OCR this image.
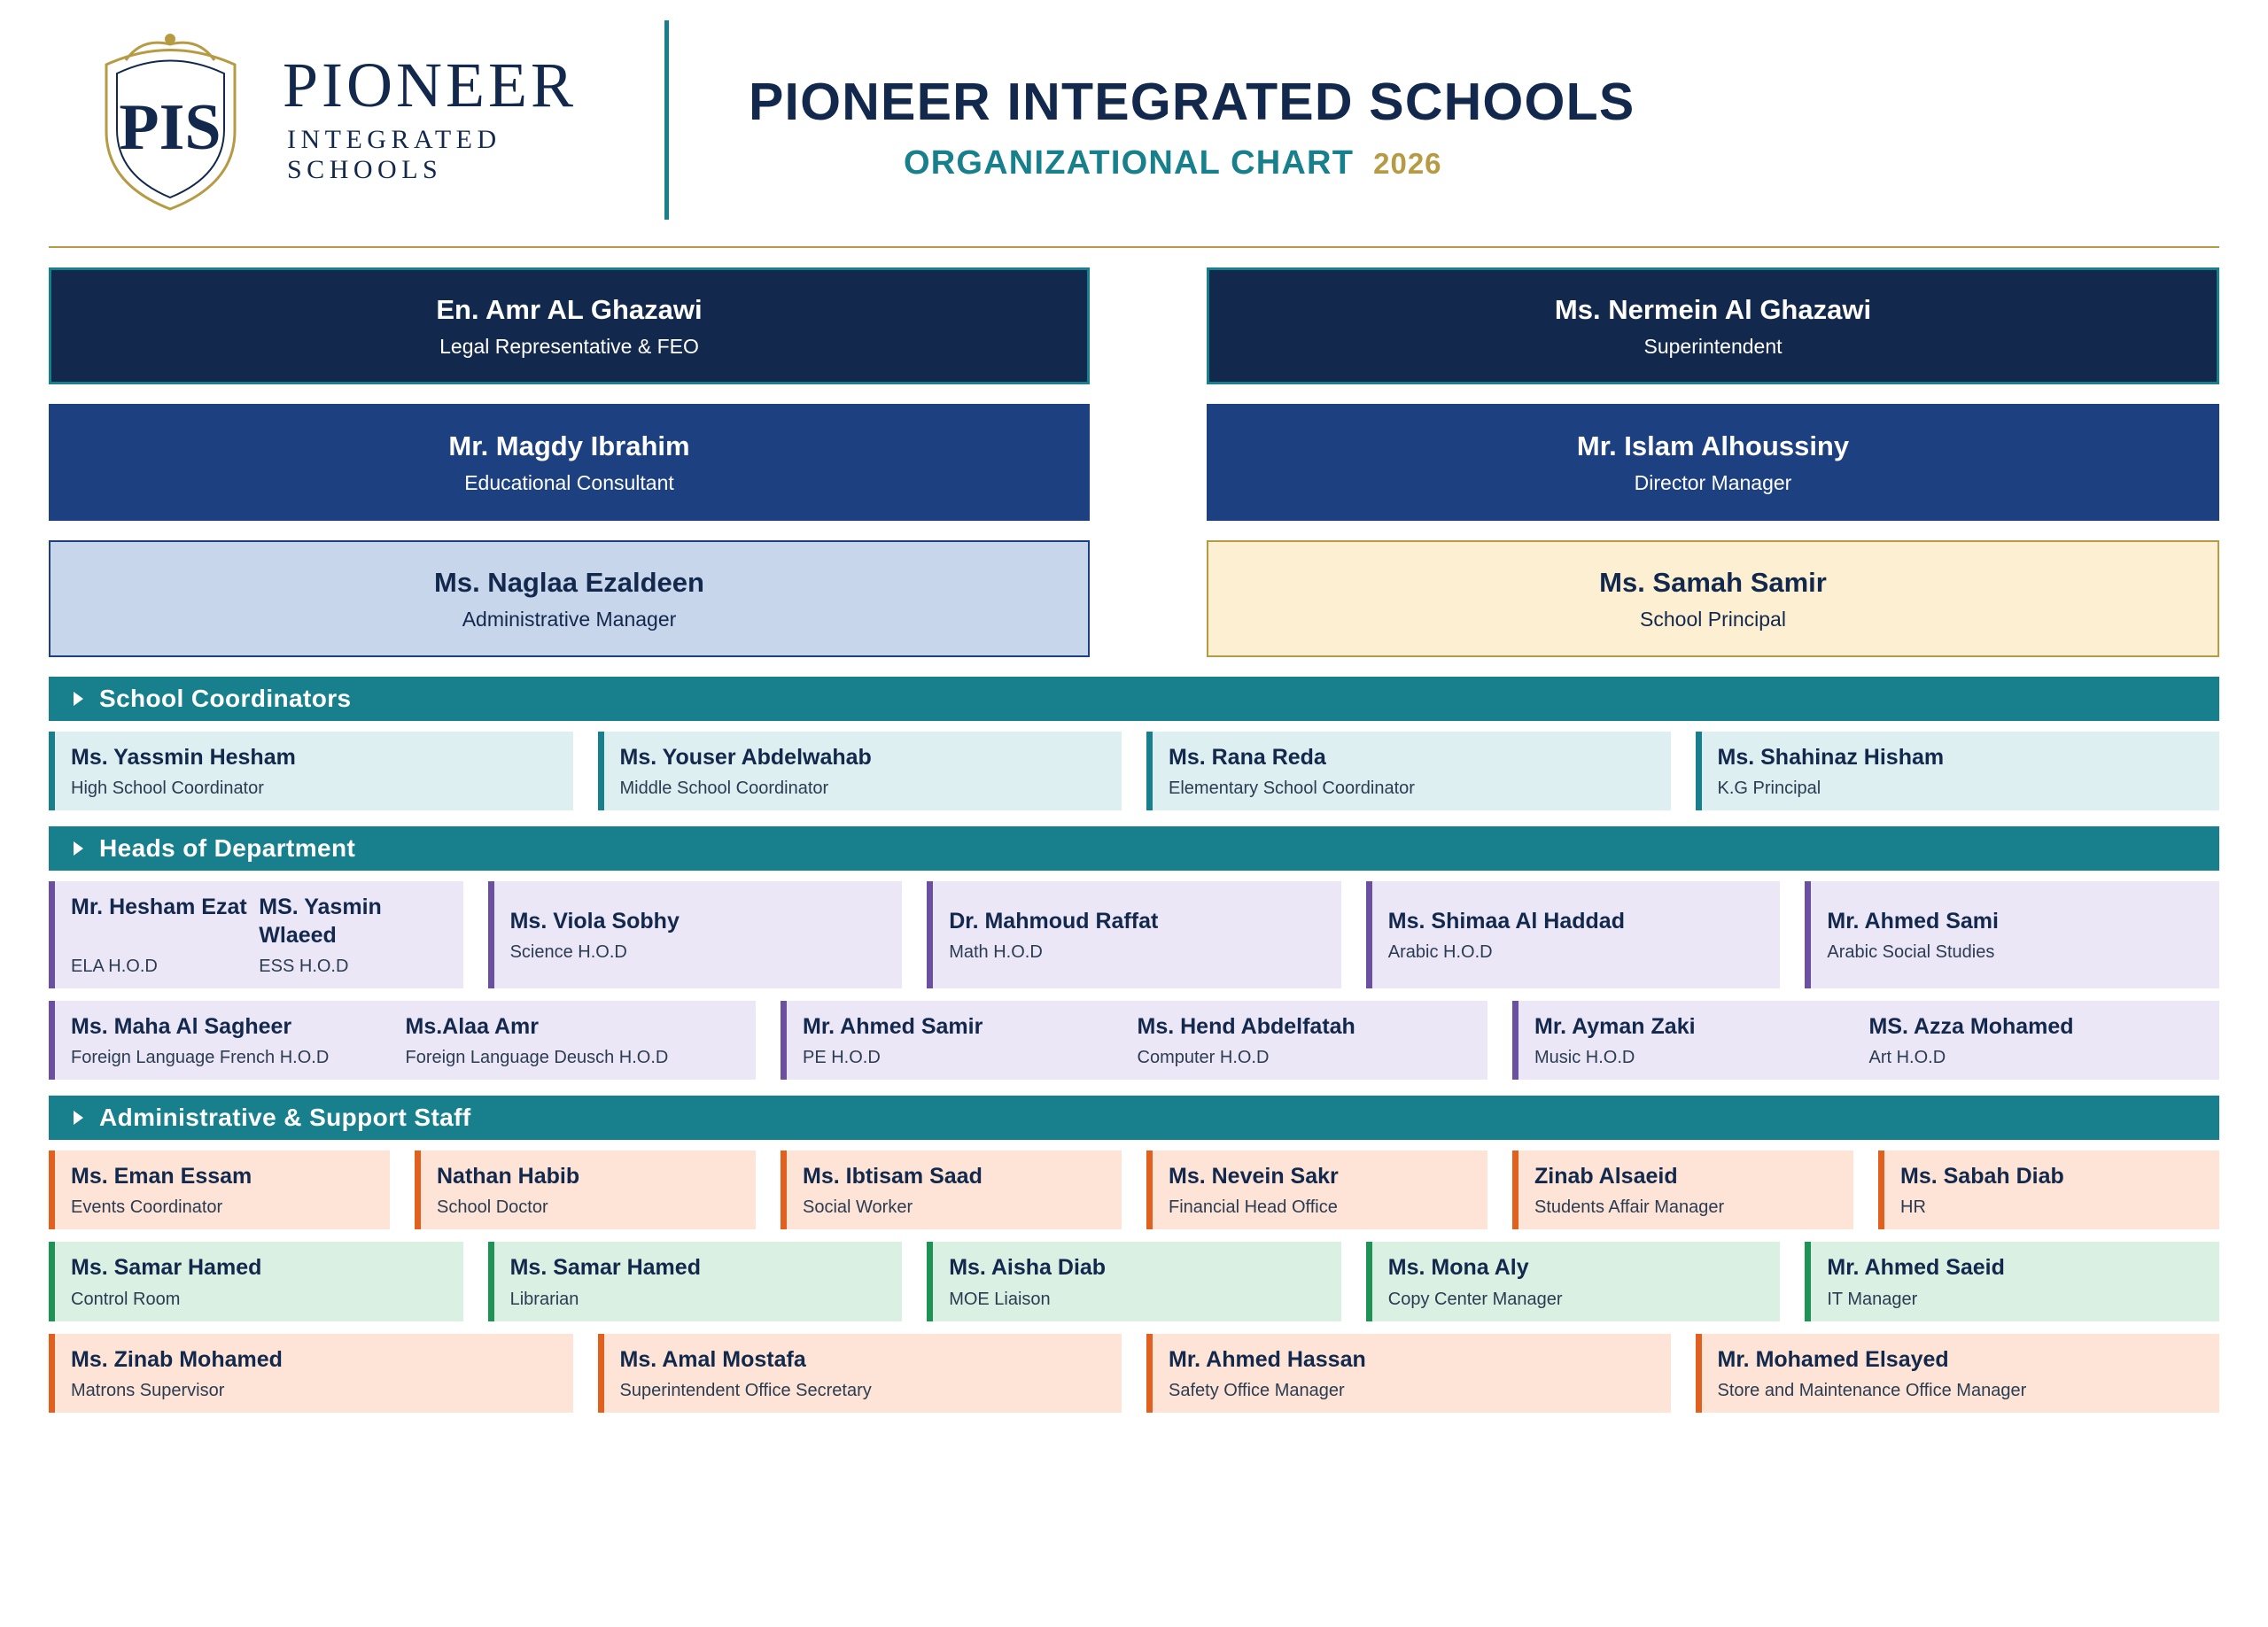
PIS
PIONEER
INTEGRATED SCHOOLS
PIONEER INTEGRATED SCHOOLS
ORGANIZATIONAL CHART 2026
En. Amr AL Ghazawi
Legal Representative & FEO
Ms. Nermein Al Ghazawi
Superintendent
Mr. Magdy Ibrahim
Educational Consultant
Mr. Islam Alhoussiny
Director Manager
Ms. Naglaa Ezaldeen
Administrative Manager
Ms. Samah Samir
School Principal
School Coordinators
Ms. Yassmin Hesham
High School Coordinator
Ms. Youser Abdelwahab
Middle School Coordinator
Ms. Rana Reda
Elementary School Coordinator
Ms. Shahinaz Hisham
K.G Principal
Heads of Department
Mr. Hesham Ezat MS. Yasmin Wlaeed
ELA H.O.D	ESS H.O.D
Ms. Viola Sobhy
Science H.O.D
Dr. Mahmoud Raffat
Math H.O.D
Ms. Shimaa Al Haddad
Arabic H.O.D
Mr. Ahmed Sami
Arabic Social Studies
Ms. Maha Al Sagheer	Ms.Alaa Amr
Foreign Language French H.O.D	Foreign Language Deusch H.O.D
Mr. Ahmed Samir	Ms. Hend Abdelfatah
PE H.O.D	Computer H.O.D
Mr. Ayman Zaki	MS. Azza Mohamed
Music H.O.D	Art H.O.D
Administrative & Support Staff
Ms. Eman Essam
Events Coordinator
Nathan Habib
School Doctor
Ms. Ibtisam Saad
Social Worker
Ms. Nevein Sakr
Financial Head Office
Zinab Alsaeid
Students Affair Manager
Ms. Sabah Diab
HR
Ms. Samar Hamed
Control Room
Ms. Samar Hamed
Librarian
Ms. Aisha Diab
MOE Liaison
Ms. Mona Aly
Copy Center Manager
Mr. Ahmed Saeid
IT Manager
Ms. Zinab Mohamed
Matrons Supervisor
Ms. Amal Mostafa
Superintendent Office Secretary
Mr. Ahmed Hassan
Safety Office Manager
Mr. Mohamed Elsayed
Store and Maintenance Office Manager
